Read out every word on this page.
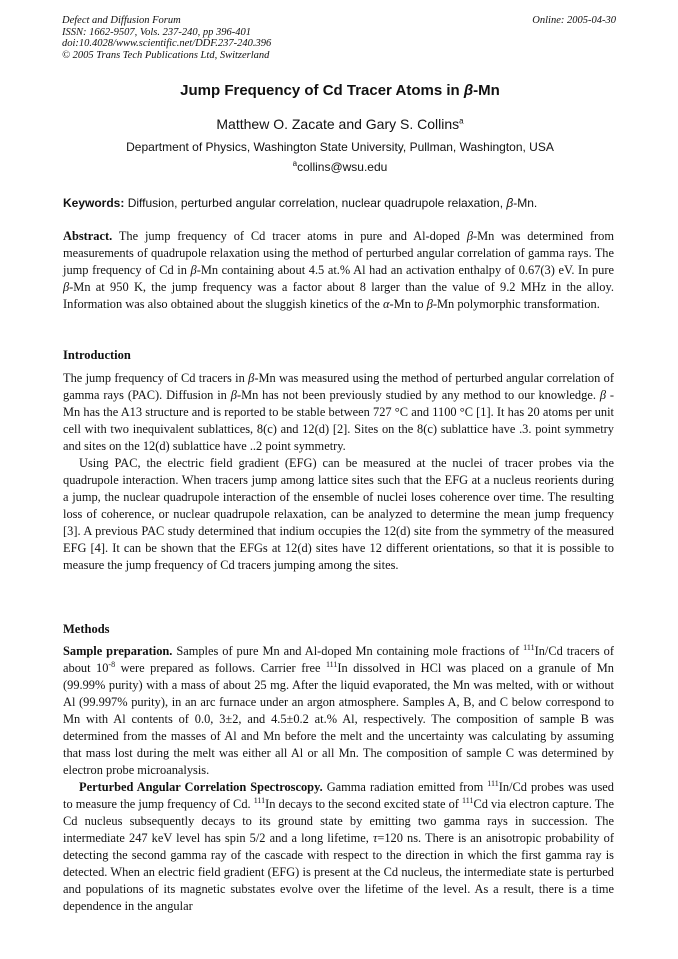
Defect and Diffusion Forum
ISSN: 1662-9507, Vols. 237-240, pp 396-401
doi:10.4028/www.scientific.net/DDF.237-240.396
© 2005 Trans Tech Publications Ltd, Switzerland
Online: 2005-04-30
Jump Frequency of Cd Tracer Atoms in β-Mn
Matthew O. Zacate and Gary S. Collins$^a$
Department of Physics, Washington State University, Pullman, Washington, USA
$^a$collins@wsu.edu
Keywords: Diffusion, perturbed angular correlation, nuclear quadrupole relaxation, β-Mn.

Abstract. The jump frequency of Cd tracer atoms in pure and Al-doped β-Mn was determined from measurements of quadrupole relaxation using the method of perturbed angular correlation of gamma rays. The jump frequency of Cd in β-Mn containing about 4.5 at.% Al had an activation enthalpy of 0.67(3) eV. In pure β-Mn at 950 K, the jump frequency was a factor about 8 larger than the value of 9.2 MHz in the alloy. Information was also obtained about the sluggish kinetics of the α-Mn to β-Mn polymorphic transformation.

Introduction

The jump frequency of Cd tracers in β-Mn was measured using the method of perturbed angular correlation of gamma rays (PAC). Diffusion in β-Mn has not been previously studied by any method to our knowledge. β -Mn has the A13 structure and is reported to be stable between 727 °C and 1100 °C [1]. It has 20 atoms per unit cell with two inequivalent sublattices, 8(c) and 12(d) [2]. Sites on the 8(c) sublattice have .3. point symmetry and sites on the 12(d) sublattice have ..2 point symmetry.

Using PAC, the electric field gradient (EFG) can be measured at the nuclei of tracer probes via the quadrupole interaction. When tracers jump among lattice sites such that the EFG at a nucleus reorients during a jump, the nuclear quadrupole interaction of the ensemble of nuclei loses coherence over time. The resulting loss of coherence, or nuclear quadrupole relaxation, can be analyzed to determine the mean jump frequency [3]. A previous PAC study determined that indium occupies the 12(d) site from the symmetry of the measured EFG [4]. It can be shown that the EFGs at 12(d) sites have 12 different orientations, so that it is possible to measure the jump frequency of Cd tracers jumping among the sites.

Methods

Sample preparation. Samples of pure Mn and Al-doped Mn containing mole fractions of $^{111}$In/Cd tracers of about $10^{-8}$ were prepared as follows. Carrier free $^{111}$In dissolved in HCl was placed on a granule of Mn (99.99% purity) with a mass of about 25 mg. After the liquid evaporated, the Mn was melted, with or without Al (99.997% purity), in an arc furnace under an argon atmosphere. Samples A, B, and C below correspond to Mn with Al contents of 0.0, 3±2, and 4.5±0.2 at.% Al, respectively. The composition of sample B was determined from the masses of Al and Mn before the melt and the uncertainty was calculating by assuming that mass lost during the melt was either all Al or all Mn. The composition of sample C was determined by electron probe microanalysis.

Perturbed Angular Correlation Spectroscopy. Gamma radiation emitted from $^{111}$In/Cd probes was used to measure the jump frequency of Cd. $^{111}$In decays to the second excited state of $^{111}$Cd via electron capture. The Cd nucleus subsequently decays to its ground state by emitting two gamma rays in succession. The intermediate 247 keV level has spin 5/2 and a long lifetime, τ=120 ns. There is an anisotropic probability of detecting the second gamma ray of the cascade with respect to the direction in which the first gamma ray is detected. When an electric field gradient (EFG) is present at the Cd nucleus, the intermediate state is perturbed and populations of its magnetic substates evolve over the lifetime of the level. As a result, there is a time dependence in the angular
